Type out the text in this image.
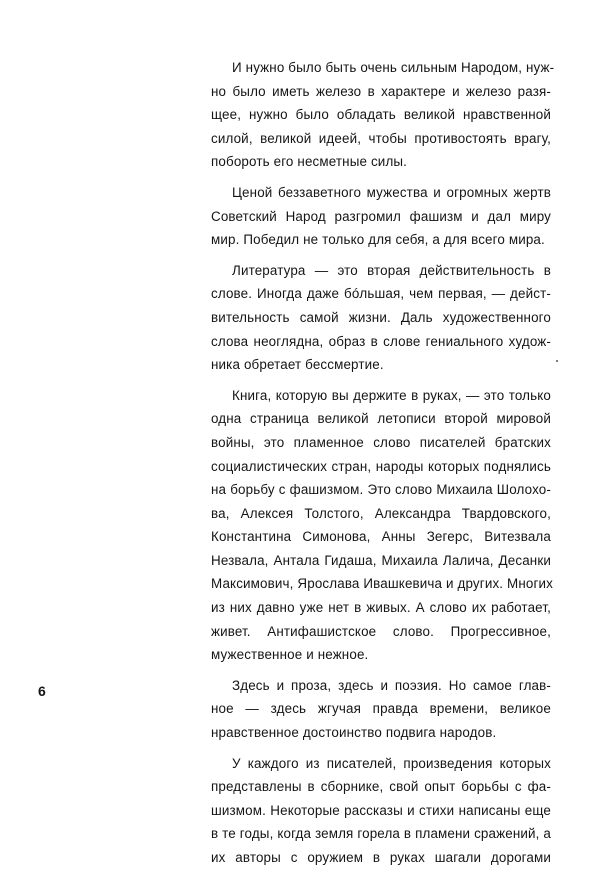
И нужно было быть очень сильным Народом, нуж-
но было иметь железо в характере и железо разя-
щее, нужно было обладать великой нравственной
силой, великой идеей, чтобы противостоять врагу,
побороть его несметные силы.
Ценой беззаветного мужества и огромных жертв
Советский Народ разгромил фашизм и дал миру
мир. Победил не только для себя, а для всего мира.
Литература — это вторая действительность в
слове. Иногда даже бóльшая, чем первая, — дейст-
вительность самой жизни. Даль художественного
слова неоглядна, образ в слове гениального худож-
ника обретает бессмертие.
Книга, которую вы держите в руках, — это только
одна страница великой летописи второй мировой
войны, это пламенное слово писателей братских
социалистических стран, народы которых поднялись
на борьбу с фашизмом. Это слово Михаила Шолохо-
ва, Алексея Толстого, Александра Твардовского,
Константина Симонова, Анны Зегерс, Витезвала
Незвала, Антала Гидаша, Михаила Лалича, Десанки
Максимович, Ярослава Ивашкевича и других. Многих
из них давно уже нет в живых. А слово их работает,
живет. Антифашистское слово. Прогрессивное,
мужественное и нежное.
Здесь и проза, здесь и поэзия. Но самое глав-
ное — здесь жгучая правда времени, великое
нравственное достоинство подвига народов.
У каждого из писателей, произведения которых
представлены в сборнике, свой опыт борьбы с фа-
шизмом. Некоторые рассказы и стихи написаны еще
в те годы, когда земля горела в пламени сражений, а
их авторы с оружием в руках шагали дорогами
6
